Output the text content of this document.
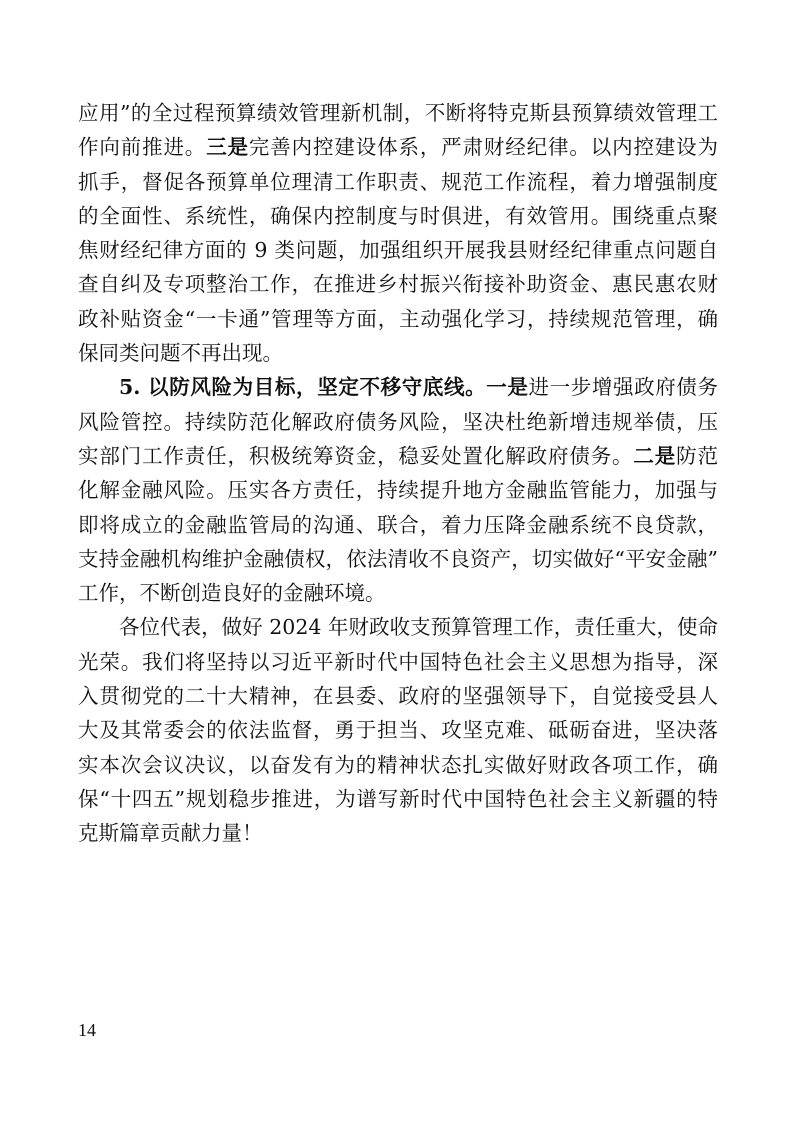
应用”的全过程预算绩效管理新机制，不断将特克斯县预算绩效管理工
作向前推进。三是完善内控建设体系，严肃财经纪律。以内控建设为
抓手，督促各预算单位理清工作职责、规范工作流程，着力增强制度
的全面性、系统性，确保内控制度与时俱进，有效管用。围绕重点聚
焦财经纪律方面的 9 类问题，加强组织开展我县财经纪律重点问题自
查自纠及专项整治工作，在推进乡村振兴衔接补助资金、惠民惠农财
政补贴资金“一卡通”管理等方面，主动强化学习，持续规范管理，确
保同类问题不再出现。
5. 以防风险为目标，坚定不移守底线。一是进一步增强政府债务
风险管控。持续防范化解政府债务风险，坚决杜绝新增违规举债，压
实部门工作责任，积极统筹资金，稳妥处置化解政府债务。二是防范
化解金融风险。压实各方责任，持续提升地方金融监管能力，加强与
即将成立的金融监管局的沟通、联合，着力压降金融系统不良贷款，
支持金融机构维护金融债权，依法清收不良资产，切实做好“平安金融”
工作，不断创造良好的金融环境。
各位代表，做好 2024 年财政收支预算管理工作，责任重大，使命
光荣。我们将坚持以习近平新时代中国特色社会主义思想为指导，深
入贯彻党的二十大精神，在县委、政府的坚强领导下，自觉接受县人
大及其常委会的依法监督，勇于担当、攻坚克难、砥砺奋进，坚决落
实本次会议决议，以奋发有为的精神状态扎实做好财政各项工作，确
保“十四五”规划稳步推进，为谱写新时代中国特色社会主义新疆的特
克斯篇章贡献力量！
14
